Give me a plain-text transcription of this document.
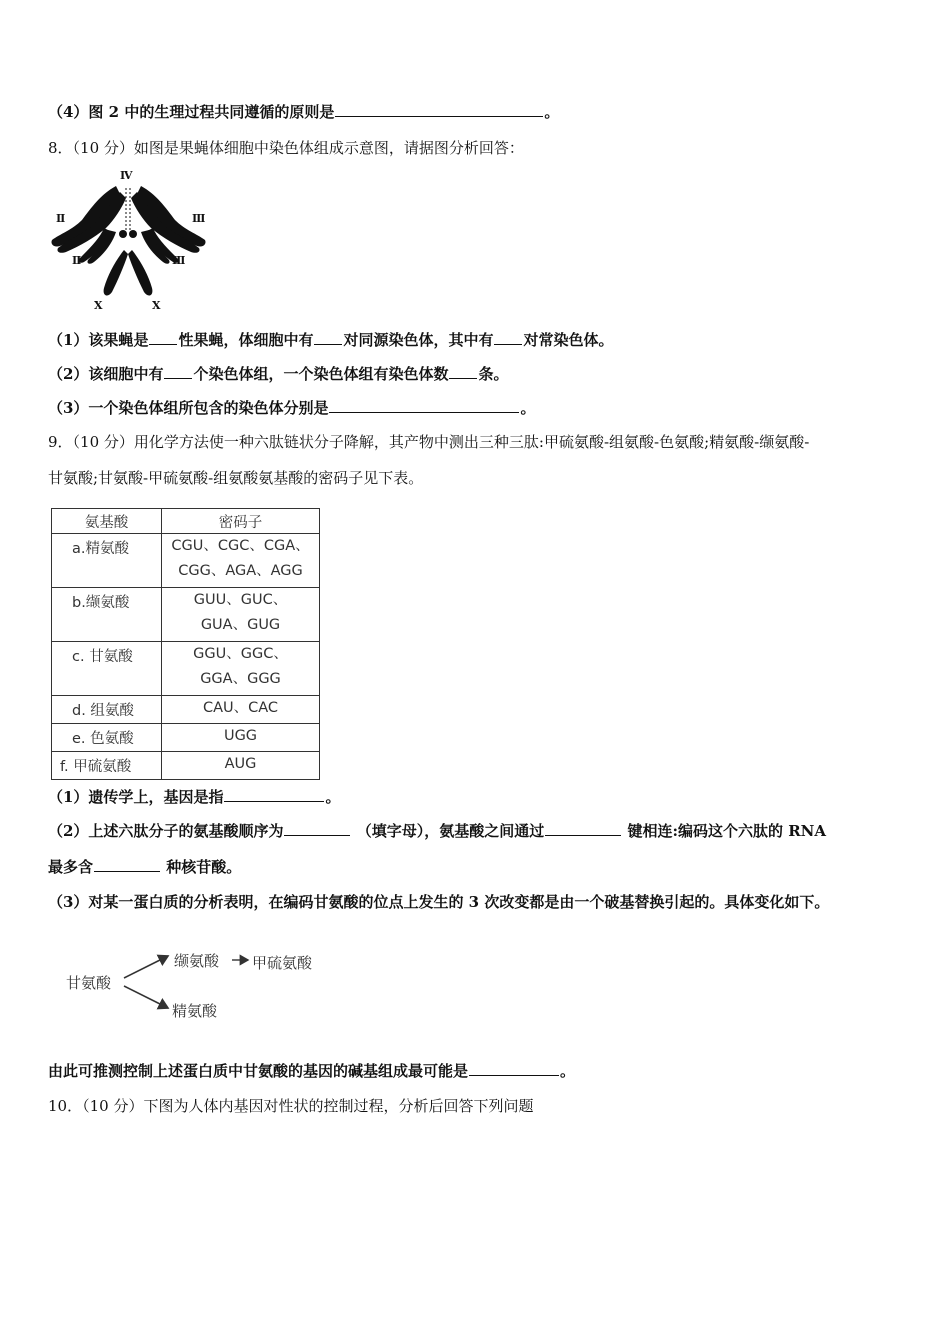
（4）图 2 中的生理过程共同遵循的原则是	。
8．（10 分）如图是果蝇体细胞中染色体组成示意图，请据图分析回答：
Ⅳ
Ⅱ	Ⅲ
Ⅱ	Ⅲ
X	X
（1）该果蝇是 性果蝇，体细胞中有 对同源染色体，其中有 对常染色体。
（2）该细胞中有 个染色体组，一个染色体组有染色体数 条。
（3）一个染色体组所包含的染色体分别是	。
9．（10 分）用化学方法使一种六肽链状分子降解，其产物中测出三种三肽:甲硫氨酸-组氨酸-色氨酸;精氨酸-缬氨酸-
甘氨酸;甘氨酸-甲硫氨酸-组氨酸氨基酸的密码子见下表。
氨基酸	密码子
a.精氨酸	CGU、CGC、CGA、
CGG、AGA、AGG

b.缬氨酸	GUU、GUC、
GUA、GUG

c. 甘氨酸	GGU、GGC、
GGA、GGG

d. 组氨酸	CAU、CAC

e. 色氨酸	UGG

f. 甲硫氨酸	AUG
（1）遗传学上，基因是指	。
（2）上述六肽分子的氨基酸顺序为	（填字母），氨基酸之间通过	键相连:编码这个六肽的 RNA
最多含	种核苷酸。
（3）对某一蛋白质的分析表明，在编码甘氨酸的位点上发生的 3 次改变都是由一个破基替换引起的。具体变化如下。
甘氨酸
缬氨酸 甲硫氨酸
精氨酸
由此可推测控制上述蛋白质中甘氨酸的基因的碱基组成最可能是	。
10．（10 分）下图为人体内基因对性状的控制过程，分析后回答下列问题
